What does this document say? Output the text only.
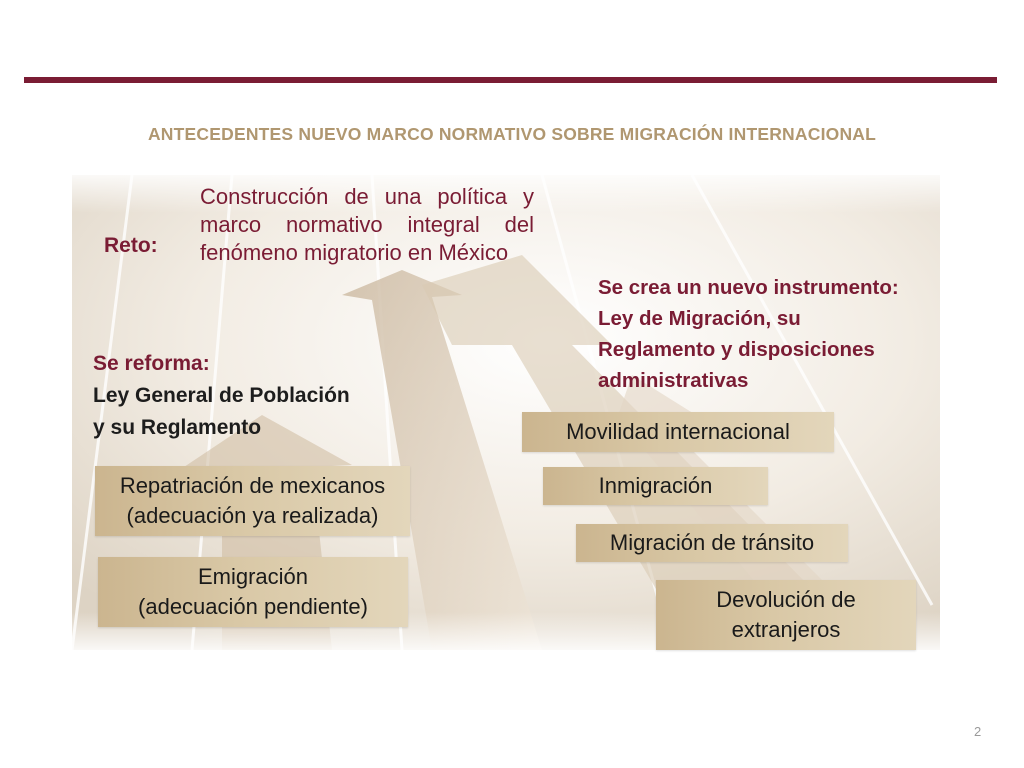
ANTECEDENTES NUEVO MARCO NORMATIVO SOBRE MIGRACIÓN INTERNACIONAL
Reto:
Construcción de una política y marco normativo integral del fenómeno migratorio en México
Se reforma:
Ley General de Población
y su Reglamento
Se crea un nuevo instrumento:
Ley de Migración, su
Reglamento y disposiciones
administrativas
Repatriación de mexicanos
(adecuación ya realizada)
Emigración
(adecuación pendiente)
Movilidad internacional
Inmigración
Migración de tránsito
Devolución de
extranjeros
2
